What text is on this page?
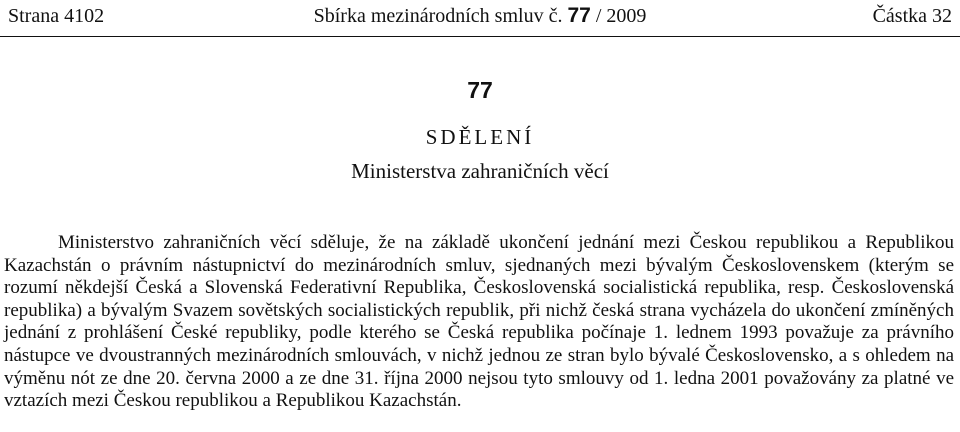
Strana 4102	Sbírka mezinárodních smluv č. 77 / 2009	Částka 32
77
SDĚLENÍ
Ministerstva zahraničních věcí

Ministerstvo zahraničních věcí sděluje, že na základě ukončení jednání mezi Českou republikou a Republikou Kazachstán o právním nástupnictví do mezinárodních smluv, sjednaných mezi bývalým Československem (kterým se rozumí někdejší Česká a Slovenská Federativní Republika, Československá socialistická republika, resp. Československá republika) a bývalým Svazem sovětských socialistických republik, při nichž česká strana vycházela do ukončení zmíněných jednání z prohlášení České republiky, podle kterého se Česká republika počínaje 1. lednem 1993 považuje za právního nástupce ve dvoustranných mezinárodních smlouvách, v nichž jednou ze stran bylo bývalé Československo, a s ohledem na výměnu nót ze dne 20. června 2000 a ze dne 31. října 2000 nejsou tyto smlouvy od 1. ledna 2001 považovány za platné ve vztazích mezi Českou republikou a Republikou Kazachstán.
